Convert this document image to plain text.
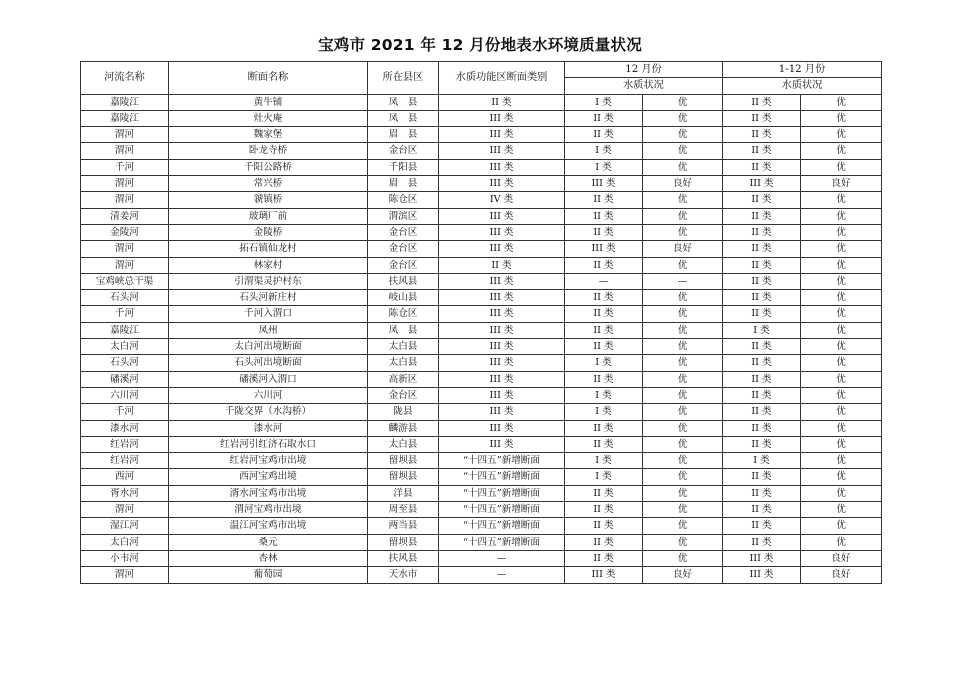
宝鸡市 2021 年 12 月份地表水环境质量状况
河流名称	断面名称	所在县区	水质功能区断面类别	12 月份		1-12 月份	
				水质状况		水质状况	
嘉陵江	黄牛铺	凤　县	II 类	I 类	优	II 类	优
嘉陵江	灶火庵	凤　县	III 类	II 类	优	II 类	优
渭河	魏家堡	眉　县	III 类	II 类	优	II 类	优
渭河	卧龙寺桥	金台区	III 类	I 类	优	II 类	优
千河	千阳公路桥	千阳县	III 类	I 类	优	II 类	优
渭河	常兴桥	眉　县	III 类	III 类	良好	III 类	良好
渭河	虢镇桥	陈仓区	IV 类	II 类	优	II 类	优
清姜河	玻璃厂前	渭滨区	III 类	II 类	优	II 类	优
金陵河	金陵桥	金台区	III 类	II 类	优	II 类	优
渭河	拓石镇仙龙村	金台区	III 类	III 类	良好	II 类	优
渭河	林家村	金台区	II 类	II 类	优	II 类	优
宝鸡峡总干渠	引渭渠灵护村东	扶风县	III 类	—	—	II 类	优
石头河	石头河新庄村	岐山县	III 类	II 类	优	II 类	优
千河	千河入渭口	陈仓区	III 类	II 类	优	II 类	优
嘉陵江	凤州	凤　县	III 类	II 类	优	I 类	优
太白河	太白河出境断面	太白县	III 类	II 类	优	II 类	优
石头河	石头河出境断面	太白县	III 类	I 类	优	II 类	优
磻溪河	磻溪河入渭口	高新区	III 类	II 类	优	II 类	优
六川河	六川河	金台区	III 类	I 类	优	II 类	优
千河	千陇交界（水沟桥）	陇县	III 类	I 类	优	II 类	优
漆水河	漆水河	麟游县	III 类	II 类	优	II 类	优
红岩河	红岩河引红济石取水口	太白县	III 类	II 类	优	II 类	优
红岩河	红岩河宝鸡市出境	留坝县	“十四五”新增断面	I 类	优	I 类	优
西河	西河宝鸡出境	留坝县	“十四五”新增断面	I 类	优	II 类	优
胥水河	湑水河宝鸡市出境	洋县	“十四五”新增断面	II 类	优	II 类	优
渭河	渭河宝鸡市出境	周至县	“十四五”新增断面	II 类	优	II 类	优
湿江河	温江河宝鸡市出境	两当县	“十四五”新增断面	II 类	优	II 类	优
太白河	桑元	留坝县	“十四五”新增断面	II 类	优	II 类	优
小韦河	杏林	扶风县	—	II 类	优	III 类	良好
渭河	葡萄园	天水市	—	III 类	良好	III 类	良好
